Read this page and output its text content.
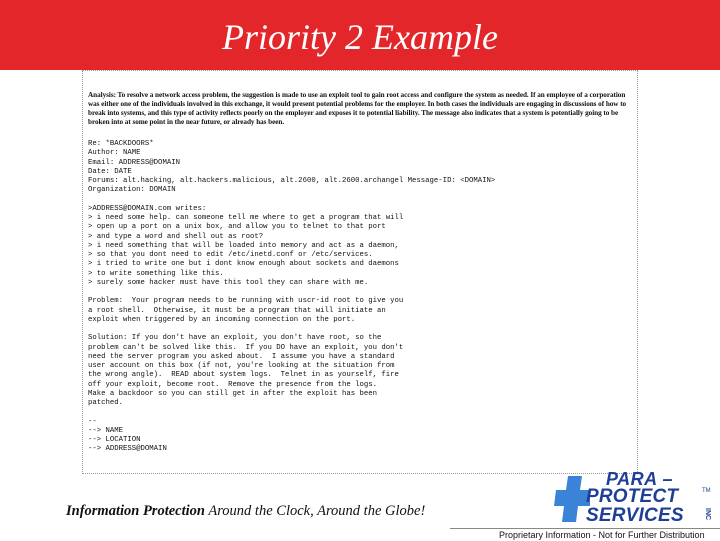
Priority 2 Example
Analysis: To resolve a network access problem, the suggestion is made to use an exploit tool to gain root access and configure the system as needed. If an employee of a corporation was either one of the individuals involved in this exchange, it would present potential problems for the employer. In both cases the individuals are engaging in discussions of how to break into systems, and this type of activity reflects poorly on the employer and exposes it to potential liability. The message also indicates that a system is potentially going to be broken into at some point in the near future, or already has been.
Re: *BACKDOORS*
Author: NAME
Email: ADDRESS@DOMAIN
Date: DATE
Forums: alt.hacking, alt.hackers.malicious, alt.2600, alt.2600.archangel Message-ID: <DOMAIN>
Organization: DOMAIN

>ADDRESS@DOMAIN.com writes:
> i need some help. can someone tell me where to get a program that will
> open up a port on a unix box, and allow you to telnet to that port
> and type a word and shell out as root?
> i need something that will be loaded into memory and act as a daemon,
> so that you dont need to edit /etc/inetd.conf or /etc/services.
> i tried to write one but i dont know enough about sockets and daemons
> to write something like this.
> surely some hacker must have this tool they can share with me.

Problem:  Your program needs to be running with uscr-id root to give you
a root shell.  Otherwise, it must be a program that will initiate an
exploit when triggered by an incoming connection on the port.

Solution: If you don't have an exploit, you don't have root, so the
problem can't be solved like this.  If you DO have an exploit, you don't
need the server program you asked about.  I assume you have a standard
user account on this box (if not, you're looking at the situation from
the wrong angle).  READ about system logs.  Telnet in as yourself, fire
off your exploit, become root.  Remove the presence from the logs.
Make a backdoor so you can still get in after the exploit has been
patched.

--
--> NAME
--> LOCATION
--> ADDRESS@DOMAIN
Information Protection Around the Clock, Around the Globe!
PARA –
PROTECT
SERVICES
TM
INC
Proprietary Information - Not for Further Distribution
